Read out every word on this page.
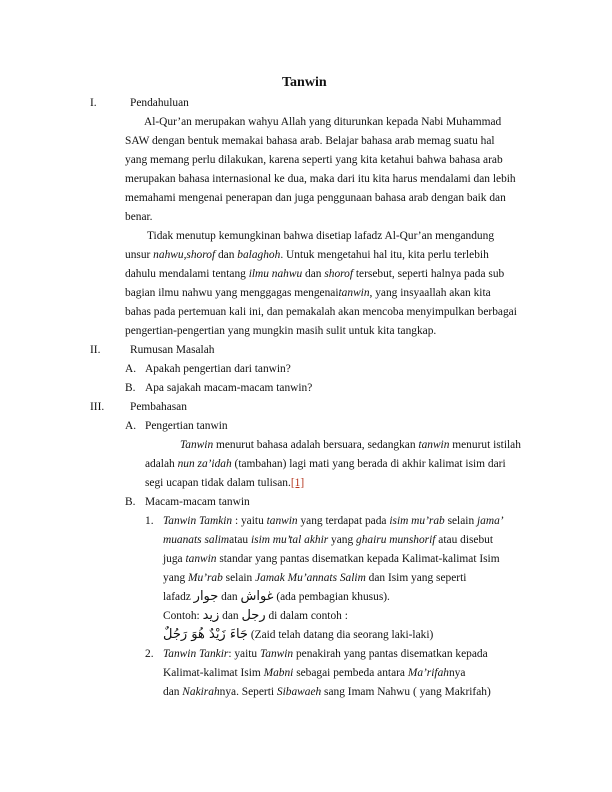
Tanwin
I.	Pendahuluan
Al-Qur’an merupakan wahyu Allah yang diturunkan kepada Nabi Muhammad
SAW dengan bentuk memakai bahasa arab. Belajar bahasa arab memag suatu hal
yang memang perlu dilakukan, karena seperti yang kita ketahui bahwa bahasa arab
merupakan bahasa internasional ke dua, maka dari itu kita harus mendalami dan lebih
memahami mengenai penerapan dan juga penggunaan bahasa arab dengan baik dan
benar.
Tidak menutup kemungkinan bahwa disetiap lafadz Al-Qur’an mengandung
unsur nahwu,shorof dan balaghoh. Untuk mengetahui hal itu, kita perlu terlebih
dahulu mendalami tentang ilmu nahwu dan shorof tersebut, seperti halnya pada sub
bagian ilmu nahwu yang menggagas mengenaitanwin, yang insyaallah akan kita
bahas pada pertemuan kali ini, dan pemakalah akan mencoba menyimpulkan berbagai
pengertian-pengertian yang mungkin masih sulit untuk kita tangkap.
II.	Rumusan Masalah
A. Apakah pengertian dari tanwin?
B. Apa sajakah macam-macam tanwin?
III. Pembahasan
A. Pengertian tanwin
Tanwin menurut bahasa adalah bersuara, sedangkan tanwin menurut istilah
adalah nun za’idah (tambahan) lagi mati yang berada di akhir kalimat isim dari
segi ucapan tidak dalam tulisan.[1]
B. Macam-macam tanwin
1. Tanwin Tamkin : yaitu tanwin yang terdapat pada isim mu’rab selain jama’
muanats salimatau isim mu’tal akhir yang ghairu munshorif atau disebut
juga tanwin standar yang pantas disematkan kepada Kalimat-kalimat Isim
yang Mu’rab selain Jamak Mu’annats Salim dan Isim yang seperti
lafadz جوار dan غواش (ada pembagian khusus).
Contoh: زيد dan رجل di dalam contoh :
جَاءَ زَيْدٌ هُوَ رَجُلٌ (Zaid telah datang dia seorang laki-laki)
2. Tanwin Tankir: yaitu Tanwin penakirah yang pantas disematkan kepada
Kalimat-kalimat Isim Mabni sebagai pembeda antara Ma’rifahnya
dan Nakirahnya. Seperti Sibawaeh sang Imam Nahwu ( yang Makrifah)
